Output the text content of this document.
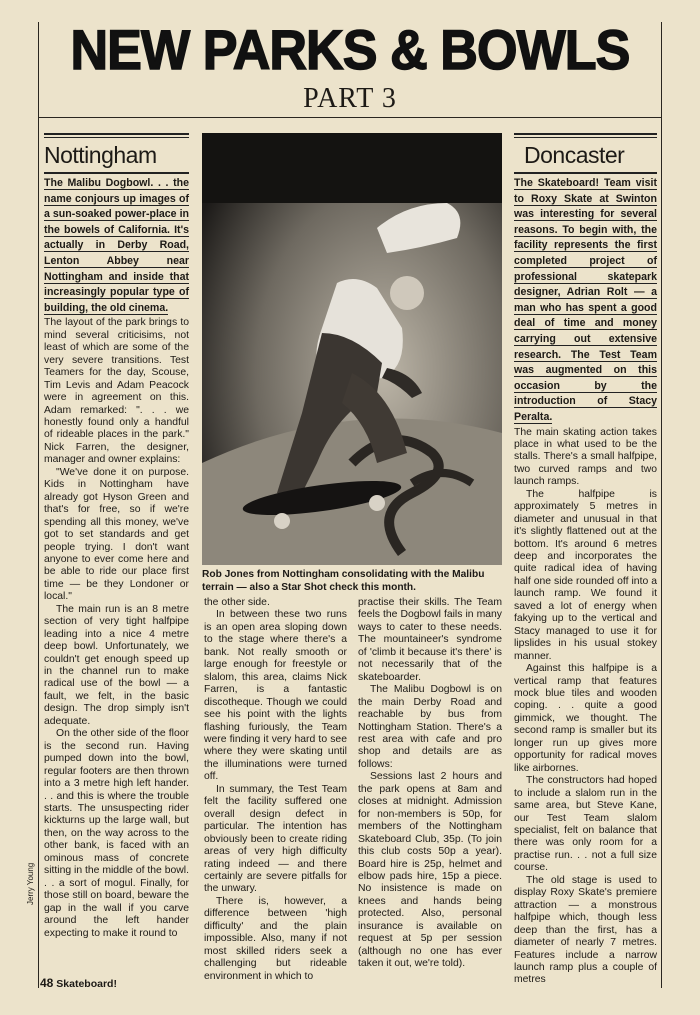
NEW PARKS & BOWLS
PART 3
Nottingham
The Malibu Dogbowl. . . the name conjours up images of a sun-soaked power-place in the bowels of California. It's actually in Derby Road, Lenton Abbey near Nottingham and inside that increasingly popular type of building, the old cinema.

The layout of the park brings to mind several criticisims, not least of which are some of the very severe transitions. Test Teamers for the day, Scouse, Tim Levis and Adam Peacock were in agreement on this. Adam remarked: ". . . we honestly found only a handful of rideable places in the park." Nick Farren, the designer, manager and owner explains:

"We've done it on purpose. Kids in Nottingham have already got Hyson Green and that's for free, so if we're spending all this money, we've got to set standards and get people trying. I don't want anyone to ever come here and be able to ride our place first time — be they Londoner or local."

The main run is an 8 metre section of very tight halfpipe leading into a nice 4 metre deep bowl. Unfortunately, we couldn't get enough speed up in the channel run to make radical use of the bowl — a fault, we felt, in the basic design. The drop simply isn't adequate.

On the other side of the floor is the second run. Having pumped down into the bowl, regular footers are then thrown into a 3 metre high left hander. . . and this is where the trouble starts. The unsuspecting rider kickturns up the large wall, but then, on the way across to the other bank, is faced with an ominous mass of concrete sitting in the middle of the bowl. . . a sort of mogul. Finally, for those still on board, beware the gap in the wall if you carve around the left hander expecting to make it round to

Rob Jones from Nottingham consolidating with the Malibu terrain — also a Star Shot check this month.

the other side.

In between these two runs is an open area sloping down to the stage where there's a bank. Not really smooth or large enough for freestyle or slalom, this area, claims Nick Farren, is a fantastic discotheque. Though we could see his point with the lights flashing furiously, the Team were finding it very hard to see where they were skating until the illuminations were turned off.

In summary, the Test Team felt the facility suffered one overall design defect in particular. The intention has obviously been to create riding areas of very high difficulty rating indeed — and there certainly are severe pitfalls for the unwary.

There is, however, a difference between 'high difficulty' and the plain impossible. Also, many if not most skilled riders seek a challenging but rideable environment in which to

practise their skills. The Team feels the Dogbowl fails in many ways to cater to these needs. The mountaineer's syndrome of 'climb it because it's there' is not necessarily that of the skateboarder.

The Malibu Dogbowl is on the main Derby Road and reachable by bus from Nottingham Station. There's a rest area with cafe and pro shop and details are as follows:

Sessions last 2 hours and the park opens at 8am and closes at midnight. Admission for non-members is 50p, for members of the Nottingham Skateboard Club, 35p. (To join this club costs 50p a year). Board hire is 25p, helmet and elbow pads hire, 15p a piece. No insistence is made on knees and hands being protected. Also, personal insurance is available on request at 5p per session (although no one has ever taken it out, we're told).

Doncaster
The Skateboard! Team visit to Roxy Skate at Swinton was interesting for several reasons. To begin with, the facility represents the first completed project of professional skatepark designer, Adrian Rolt — a man who has spent a good deal of time and money carrying out extensive research. The Test Team was augmented on this occasion by the introduction of Stacy Peralta.

The main skating action takes place in what used to be the stalls. There's a small halfpipe, two curved ramps and two launch ramps.

The halfpipe is approximately 5 metres in diameter and unusual in that it's slightly flattened out at the bottom. It's around 6 metres deep and incorporates the quite radical idea of having half one side rounded off into a launch ramp. We found it saved a lot of energy when fakying up to the vertical and Stacy managed to use it for lipslides in his usual stokey manner.

Against this halfpipe is a vertical ramp that features mock blue tiles and wooden coping. . . quite a good gimmick, we thought. The second ramp is smaller but its longer run up gives more opportunity for radical moves like airbornes.

The constructors had hoped to include a slalom run in the same area, but Steve Kane, our Test Team slalom specialist, felt on balance that there was only room for a practise run. . . not a full size course.

The old stage is used to display Roxy Skate's premiere attraction — a monstrous halfpipe which, though less deep than the first, has a diameter of nearly 7 metres. Features include a narrow launch ramp plus a couple of metres

Jerry Young
48 Skateboard!
